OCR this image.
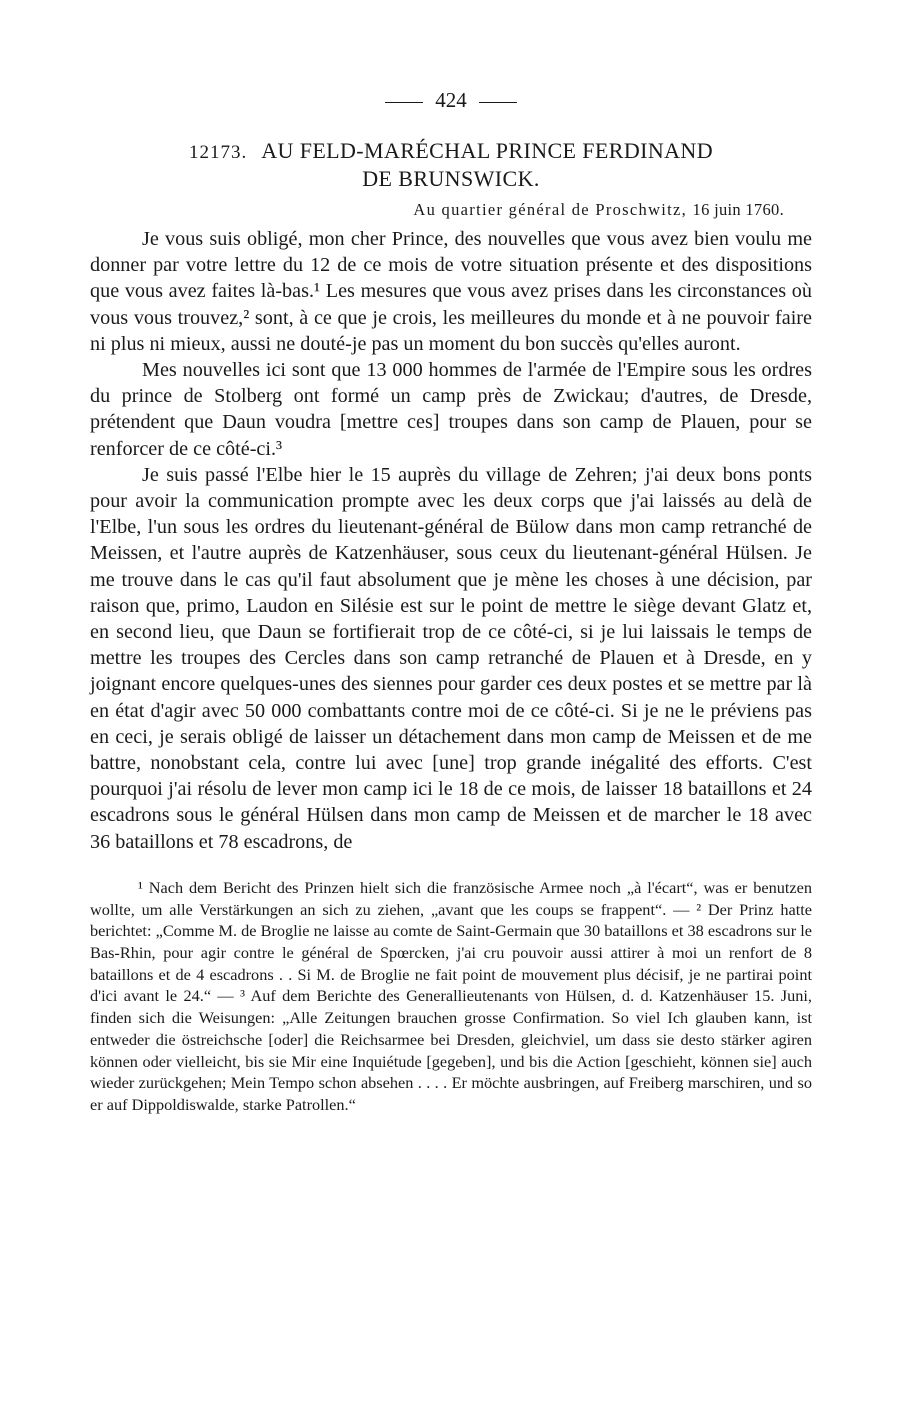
424
12173. AU FELD-MARÉCHAL PRINCE FERDINAND
DE BRUNSWICK.
Au quartier général de Proschwitz, 16 juin 1760.

Je vous suis obligé, mon cher Prince, des nouvelles que vous avez bien voulu me donner par votre lettre du 12 de ce mois de votre situation présente et des dispositions que vous avez faites là-bas.¹ Les mesures que vous avez prises dans les circonstances où vous vous trouvez,² sont, à ce que je crois, les meilleures du monde et à ne pouvoir faire ni plus ni mieux, aussi ne douté-je pas un moment du bon succès qu'elles auront.

Mes nouvelles ici sont que 13 000 hommes de l'armée de l'Empire sous les ordres du prince de Stolberg ont formé un camp près de Zwickau; d'autres, de Dresde, prétendent que Daun voudra [mettre ces] troupes dans son camp de Plauen, pour se renforcer de ce côté-ci.³

Je suis passé l'Elbe hier le 15 auprès du village de Zehren; j'ai deux bons ponts pour avoir la communication prompte avec les deux corps que j'ai laissés au delà de l'Elbe, l'un sous les ordres du lieutenant-général de Bülow dans mon camp retranché de Meissen, et l'autre auprès de Katzenhäuser, sous ceux du lieutenant-général Hülsen. Je me trouve dans le cas qu'il faut absolument que je mène les choses à une décision, par raison que, primo, Laudon en Silésie est sur le point de mettre le siège devant Glatz et, en second lieu, que Daun se fortifierait trop de ce côté-ci, si je lui laissais le temps de mettre les troupes des Cercles dans son camp retranché de Plauen et à Dresde, en y joignant encore quelques-unes des siennes pour garder ces deux postes et se mettre par là en état d'agir avec 50 000 combattants contre moi de ce côté-ci. Si je ne le préviens pas en ceci, je serais obligé de laisser un détachement dans mon camp de Meissen et de me battre, nonobstant cela, contre lui avec [une] trop grande inégalité des efforts. C'est pourquoi j'ai résolu de lever mon camp ici le 18 de ce mois, de laisser 18 bataillons et 24 escadrons sous le général Hülsen dans mon camp de Meissen et de marcher le 18 avec 36 bataillons et 78 escadrons, de

¹ Nach dem Bericht des Prinzen hielt sich die französische Armee noch „à l'écart“, was er benutzen wollte, um alle Verstärkungen an sich zu ziehen, „avant que les coups se frappent“. — ² Der Prinz hatte berichtet: „Comme M. de Broglie ne laisse au comte de Saint-Germain que 30 bataillons et 38 escadrons sur le Bas-Rhin, pour agir contre le général de Spœrcken, j'ai cru pouvoir aussi attirer à moi un renfort de 8 bataillons et de 4 escadrons . . Si M. de Broglie ne fait point de mouvement plus décisif, je ne partirai point d'ici avant le 24.“ — ³ Auf dem Berichte des Generallieutenants von Hülsen, d. d. Katzenhäuser 15. Juni, finden sich die Weisungen: „Alle Zeitungen brauchen grosse Confirmation. So viel Ich glauben kann, ist entweder die östreichsche [oder] die Reichsarmee bei Dresden, gleichviel, um dass sie desto stärker agiren können oder vielleicht, bis sie Mir eine Inquiétude [gegeben], und bis die Action [geschieht, können sie] auch wieder zurückgehen; Mein Tempo schon absehen . . . . Er möchte ausbringen, auf Freiberg marschiren, und so er auf Dippoldiswalde, starke Patrollen.“
